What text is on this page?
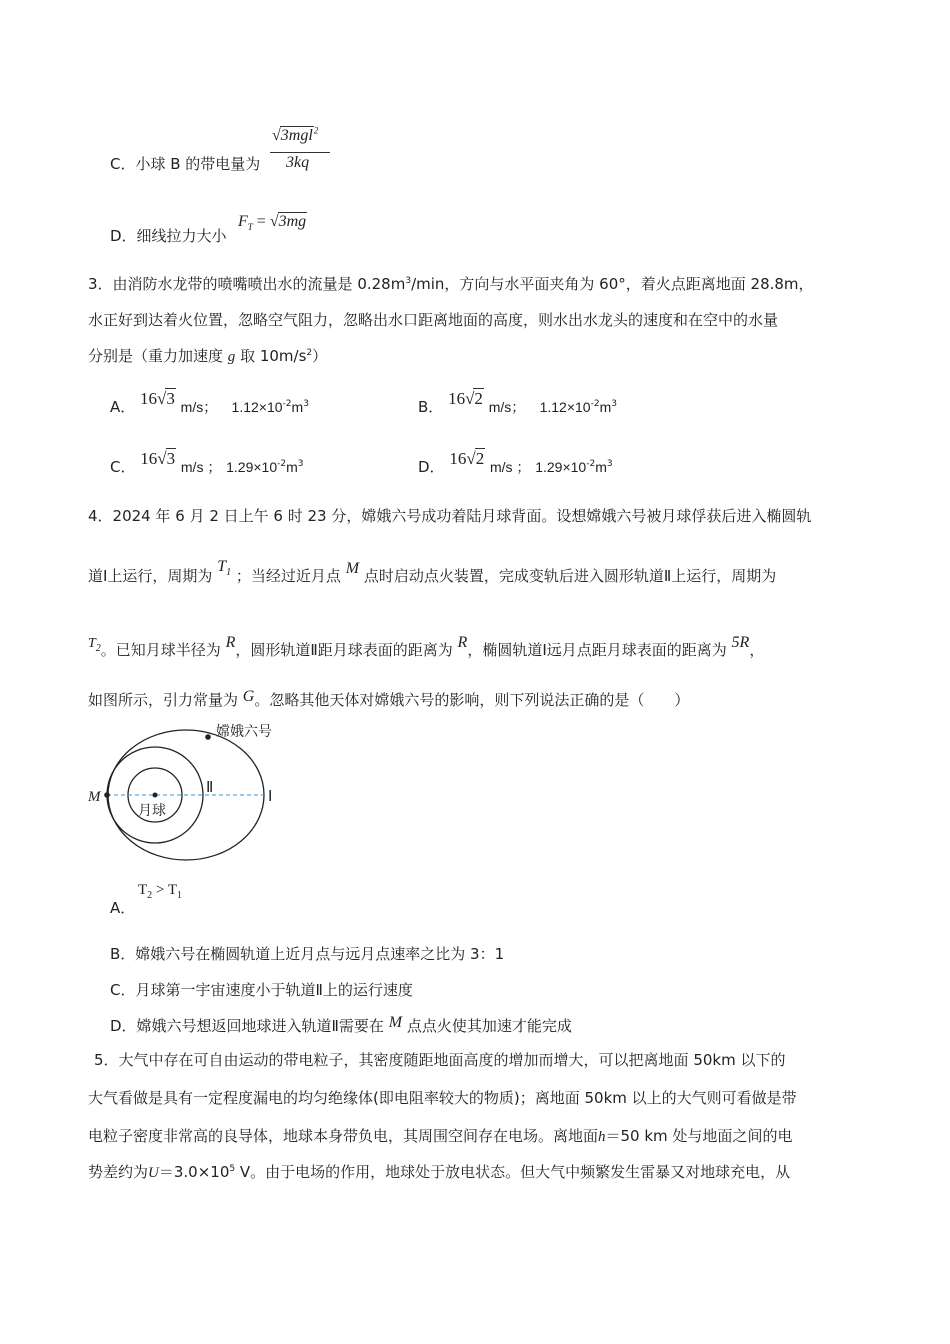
C．小球 B 的带电量为
√3mgl$^2$
3kq
D．细线拉力大小
$F_T = √3mg$
3．由消防水龙带的喷嘴喷出水的流量是 $0.28m^3/\min$，方向与水平面夹角为 60°，着火点距离地面 28.8m，
水正好到达着火位置，忽略空气阻力，忽略出水口距离地面的高度，则水出水龙头的速度和在空中的水量
分别是（重力加速度 g 取 $10m/s^2$）
A． 16√3 m/s； $1.12\times 10^{-2}m^3$	B． 16√2 m/s； $1.12\times 10^{-2}m^3$
C． 16√3 m/s ； $1.29\times 10^{-2}m^3$	D． 16√2 m/s ； $1.29\times 10^{-2}m^3$
4．2024 年 6 月 2 日上午 6 时 23 分，嫦娥六号成功着陆月球背面。设想嫦娥六号被月球俘获后进入椭圆轨
道Ⅰ上运行，周期为 $T_1$ ；当经过近月点 M 点时启动点火装置，完成变轨后进入圆形轨道Ⅱ上运行，周期为
$T_2$。已知月球半径为 R，圆形轨道Ⅱ距月球表面的距离为 R，椭圆轨道Ⅰ远月点距月球表面的距离为 5R，
如图所示，引力常量为 G。忽略其他天体对嫦娥六号的影响，则下列说法正确的是（　　）
嫦娥六号
月球
M
Ⅱ
Ⅰ
A．
$T_2 > T_1$
B．嫦娥六号在椭圆轨道上近月点与远月点速率之比为 3：1
C．月球第一宇宙速度小于轨道Ⅱ上的运行速度
D．嫦娥六号想返回地球进入轨道Ⅱ需要在 M 点点火使其加速才能完成
5．大气中存在可自由运动的带电粒子，其密度随距地面高度的增加而增大，可以把离地面 50km 以下的
大气看做是具有一定程度漏电的均匀绝缘体(即电阻率较大的物质)；离地面 50km 以上的大气则可看做是带
电粒子密度非常高的良导体，地球本身带负电，其周围空间存在电场。离地面h＝50 km 处与地面之间的电
势差约为$U=3.0\times 10^5$ V。由于电场的作用，地球处于放电状态。但大气中频繁发生雷暴又对地球充电，从
